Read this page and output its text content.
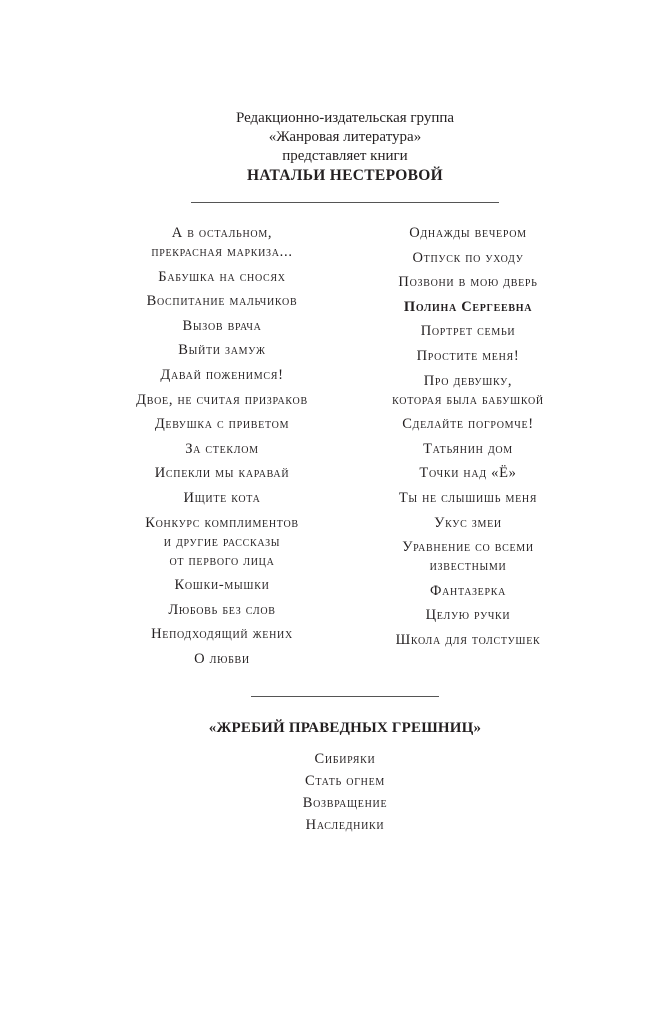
Редакционно-издательская группа
«Жанровая литература»
представляет книги
НАТАЛЬИ НЕСТЕРОВОЙ
А в остальном,
прекрасная маркиза...
Бабушка на сносях
Воспитание мальчиков
Вызов врача
Выйти замуж
Давай поженимся!
Двое, не считая призраков
Девушка с приветом
За стеклом
Испекли мы каравай
Ищите кота
Конкурс комплиментов
и другие рассказы
от первого лица
Кошки-мышки
Любовь без слов
Неподходящий жених
О любви
Однажды вечером
Отпуск по уходу
Позвони в мою дверь
Полина Сергеевна
Портрет семьи
Простите меня!
Про девушку,
которая была бабушкой
Сделайте погромче!
Татьянин дом
Точки над «Ё»
Ты не слышишь меня
Укус змеи
Уравнение со всеми
известными
Фантазерка
Целую ручки
Школа для толстушек
«ЖРЕБИЙ ПРАВЕДНЫХ ГРЕШНИЦ»
Сибиряки
Стать огнем
Возвращение
Наследники
